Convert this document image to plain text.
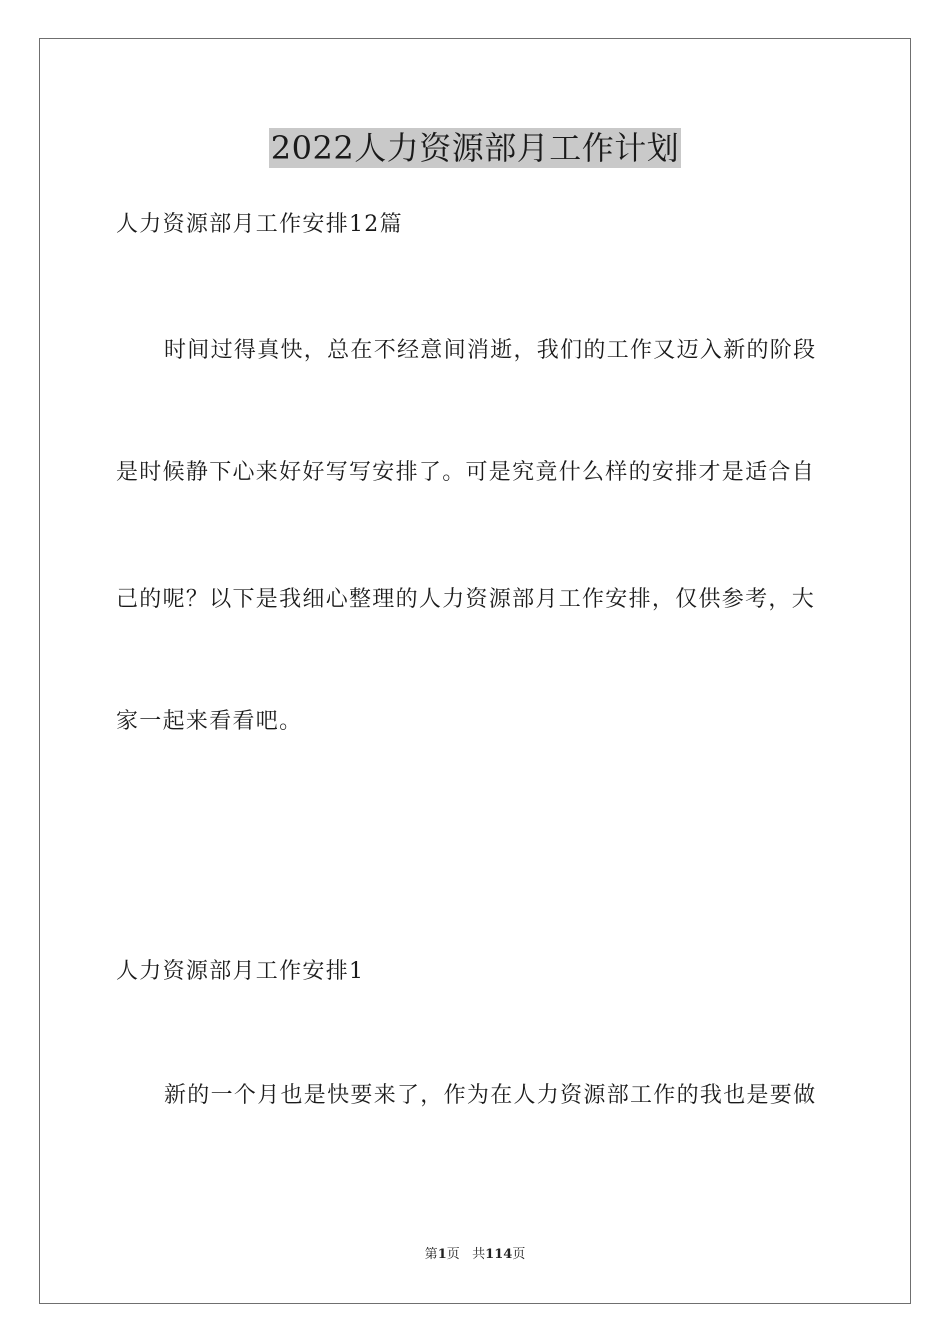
2022人力资源部月工作计划
人力资源部月工作安排12篇
时间过得真快，总在不经意间消逝，我们的工作又迈入新的阶段
是时候静下心来好好写写安排了。可是究竟什么样的安排才是适合自
己的呢？以下是我细心整理的人力资源部月工作安排，仅供参考，大
家一起来看看吧。
人力资源部月工作安排1
新的一个月也是快要来了，作为在人力资源部工作的我也是要做
第1页 共114页
